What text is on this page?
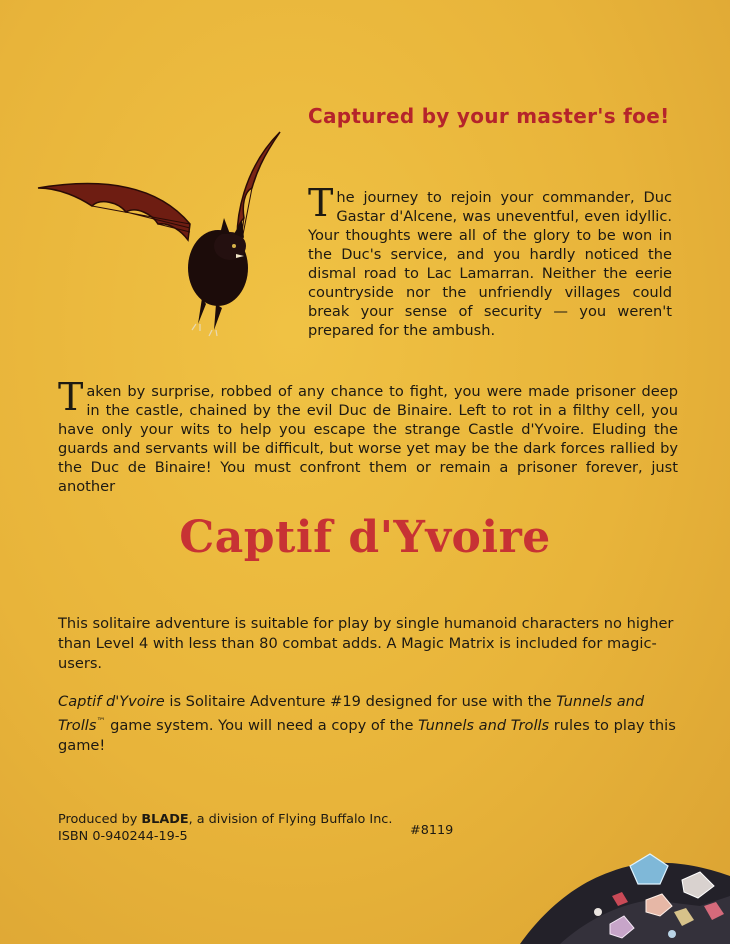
Captured by your master's foe!

The journey to rejoin your commander, Duc Gastar d'Alcene, was uneventful, even idyllic. Your thoughts were all of the glory to be won in the Duc's service, and you hardly noticed the dismal road to Lac Lamarran. Neither the eerie countryside nor the unfriendly villages could break your sense of security — you weren't prepared for the ambush.

Taken by surprise, robbed of any chance to fight, you were made prisoner deep in the castle, chained by the evil Duc de Binaire. Left to rot in a filthy cell, you have only your wits to help you escape the strange Castle d'Yvoire. Eluding the guards and servants will be difficult, but worse yet may be the dark forces rallied by the Duc de Binaire! You must confront them or remain a prisoner forever, just another

Captif d'Yvoire

This solitaire adventure is suitable for play by single humanoid characters no higher than Level 4 with less than 80 combat adds. A Magic Matrix is included for magic-users.

Captif d'Yvoire is Solitaire Adventure #19 designed for use with the Tunnels and Trolls™ game system. You will need a copy of the Tunnels and Trolls rules to play this game!

Produced by BLADE, a division of Flying Buffalo Inc.
ISBN 0-940244-19-5	#8119
